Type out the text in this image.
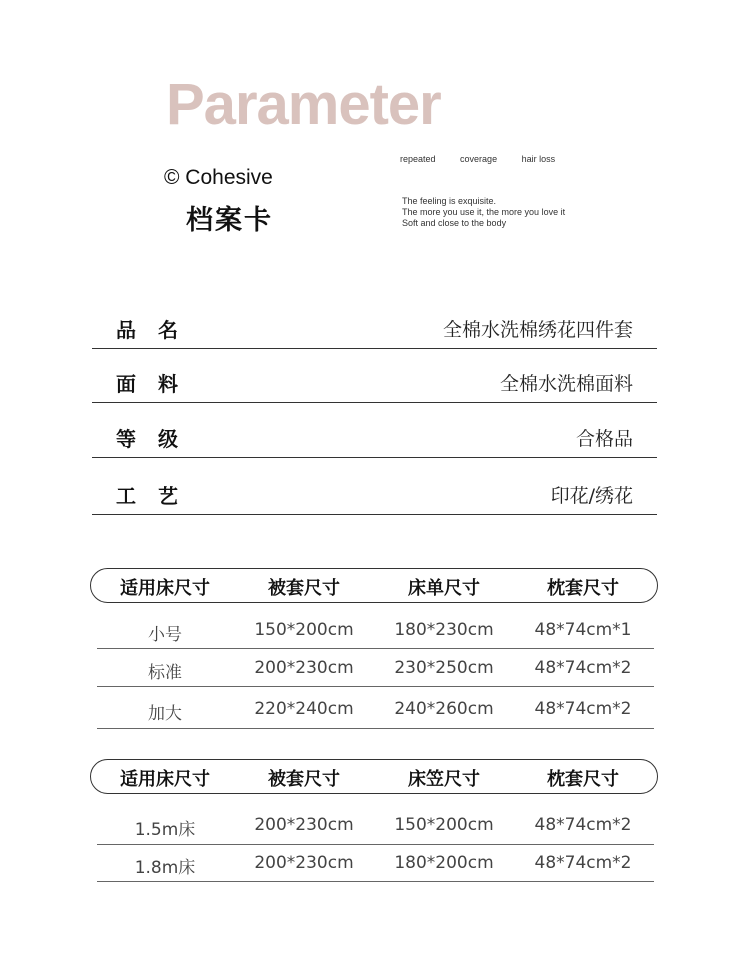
Parameter
© Cohesive
档案卡
repeated	coverage	hair loss
The feeling is exquisite.
The more you use it, the more you love it
Soft and close to the body
品名	全棉水洗棉绣花四件套
面料	全棉水洗棉面料
等级	合格品
工艺	印花/绣花
适用床尺寸	被套尺寸	床单尺寸	枕套尺寸
小号	150*200cm	180*230cm	48*74cm*1
标准	200*230cm	230*250cm	48*74cm*2
加大	220*240cm	240*260cm	48*74cm*2
适用床尺寸	被套尺寸	床笠尺寸	枕套尺寸
1.5m床	200*230cm	150*200cm	48*74cm*2
1.8m床	200*230cm	180*200cm	48*74cm*2
